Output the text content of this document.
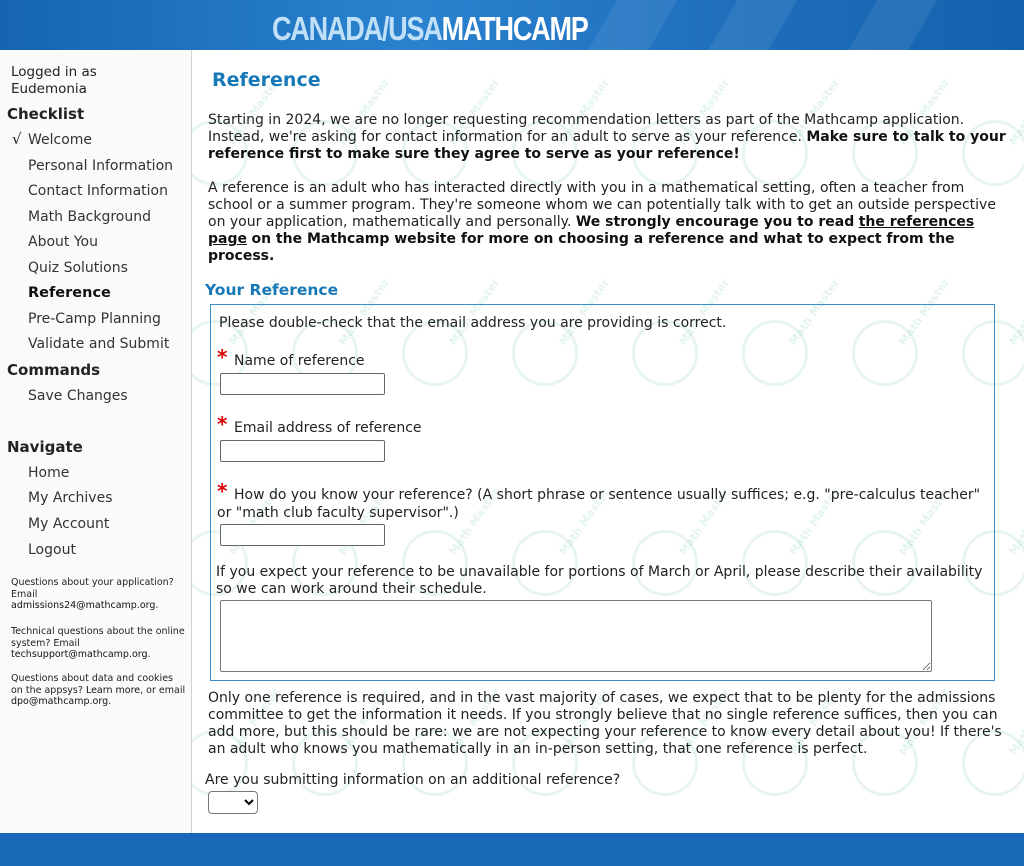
CANADA/USAMATHCAMP
Logged in as
Eudemonia
Checklist
√ Welcome
Personal Information
Contact Information
Math Background
About You
Quiz Solutions
Reference
Pre-Camp Planning
Validate and Submit
Commands
Save Changes
Navigate
Home
My Archives
My Account
Logout
Questions about your application? Email
admissions24@mathcamp.org.
Technical questions about the online system? Email techsupport@mathcamp.org.
Questions about data and cookies on the appsys? Learn more, or email dpo@mathcamp.org.
Math Master
Math Master
Math Master
Math Master
Math Master
Math Master
Math Master
Math Master
Math Master
Math Master
Math Master
Math Master
Math Master
Math Master
Math Master
Math Master
Math Master
Math Master
Math Master
Math Master
Math Master
Math Master
Math Master
Math Master
Math Master
Math Master
Math Master
Math Master
Math Master
Math Master
Math Master
Math Master
Reference
Starting in 2024, we are no longer requesting recommendation letters as part of the Mathcamp application. Instead, we're asking for contact information for an adult to serve as your reference. Make sure to talk to your reference first to make sure they agree to serve as your reference!
A reference is an adult who has interacted directly with you in a mathematical setting, often a teacher from school or a summer program. They're someone whom we can potentially talk with to get an outside perspective on your application, mathematically and personally. We strongly encourage you to read the references page on the Mathcamp website for more on choosing a reference and what to expect from the process.
Your Reference
Please double-check that the email address you are providing is correct.
* Name of reference
* Email address of reference
* How do you know your reference? (A short phrase or sentence usually suffices; e.g. "pre-calculus teacher"
or "math club faculty supervisor".)
If you expect your reference to be unavailable for portions of March or April, please describe their availability
so we can work around their schedule.
Only one reference is required, and in the vast majority of cases, we expect that to be plenty for the admissions committee to get the information it needs. If you strongly believe that no single reference suffices, then you can add more, but this should be rare: we are not expecting your reference to know every detail about you! If there's an adult who knows you mathematically in an in-person setting, that one reference is perfect.
Are you submitting information on an additional reference?
